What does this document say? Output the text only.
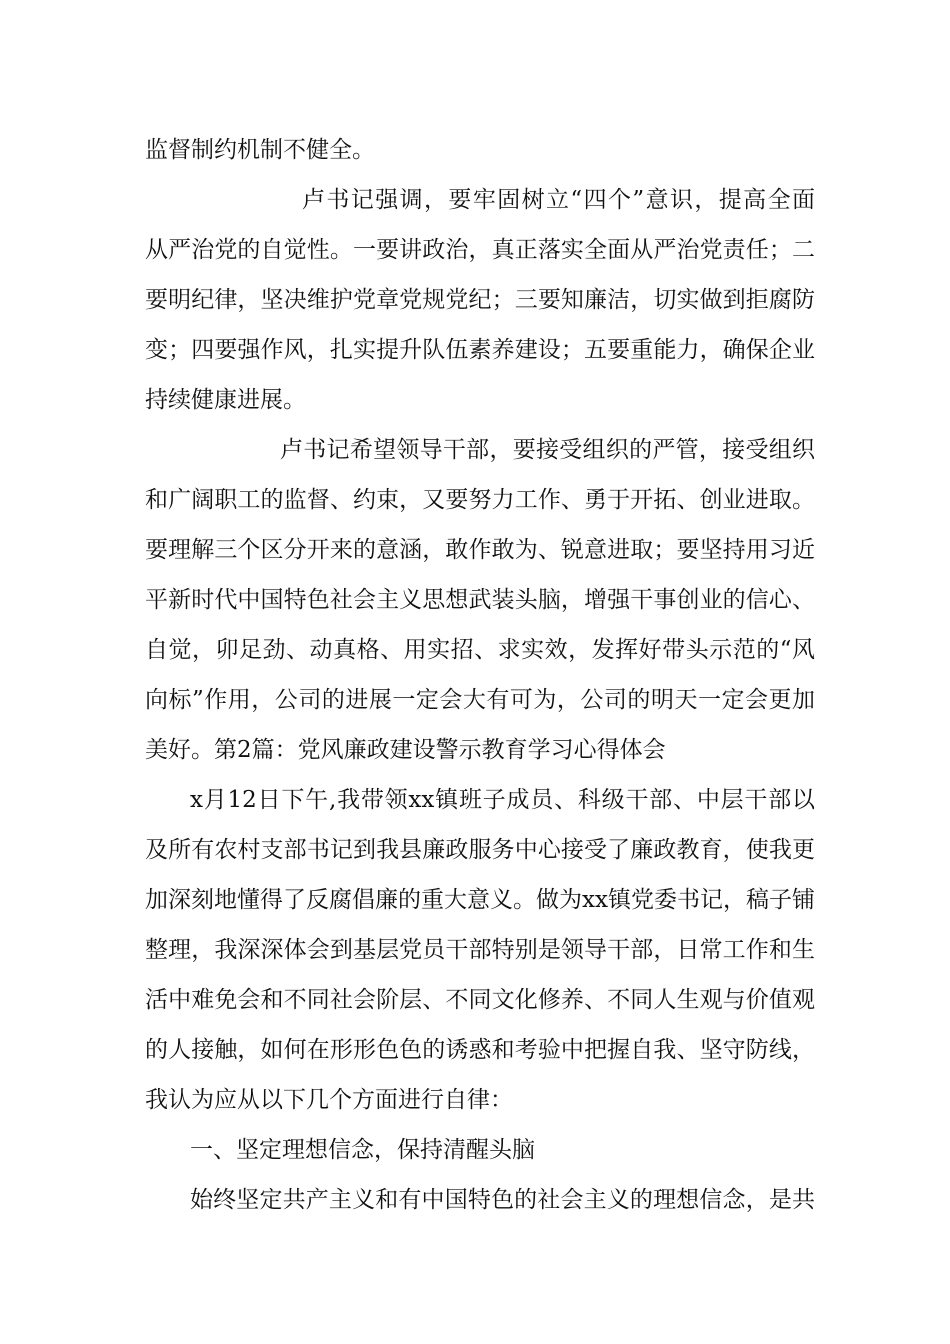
监督制约机制不健全。
卢书记强调，要牢固树立“四个”意识，提高全面
从严治党的自觉性。一要讲政治，真正落实全面从严治党责任；二
要明纪律，坚决维护党章党规党纪；三要知廉洁，切实做到拒腐防
变；四要强作风，扎实提升队伍素养建设；五要重能力，确保企业
持续健康进展。
卢书记希望领导干部，要接受组织的严管，接受组织
和广阔职工的监督、约束，又要努力工作、勇于开拓、创业进取。
要理解三个区分开来的意涵，敢作敢为、锐意进取；要坚持用习近
平新时代中国特色社会主义思想武装头脑，增强干事创业的信心、
自觉，卯足劲、动真格、用实招、求实效，发挥好带头示范的“风
向标”作用，公司的进展一定会大有可为，公司的明天一定会更加
美好。第2篇：党风廉政建设警示教育学习心得体会
x月12日下午,我带领xx镇班子成员、科级干部、中层干部以
及所有农村支部书记到我县廉政服务中心接受了廉政教育，使我更
加深刻地懂得了反腐倡廉的重大意义。做为xx镇党委书记，稿子铺
整理，我深深体会到基层党员干部特别是领导干部，日常工作和生
活中难免会和不同社会阶层、不同文化修养、不同人生观与价值观
的人接触，如何在形形色色的诱惑和考验中把握自我、坚守防线，
我认为应从以下几个方面进行自律：
一、坚定理想信念，保持清醒头脑
始终坚定共产主义和有中国特色的社会主义的理想信念，是共
